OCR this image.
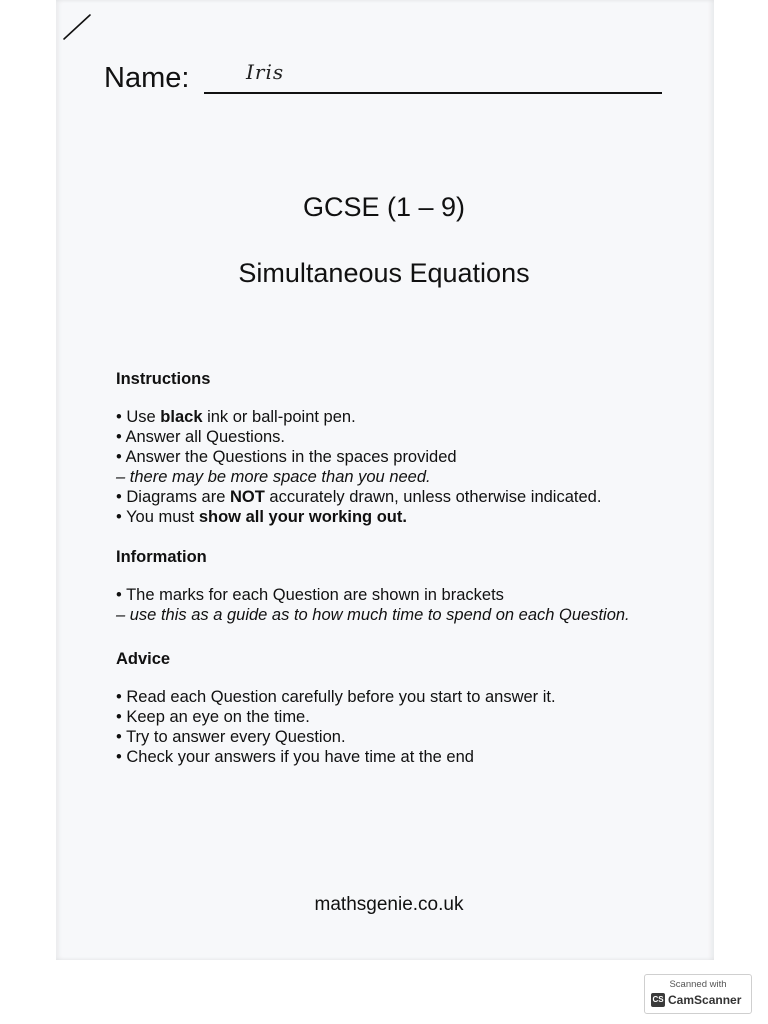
Name:	Iris
GCSE (1 – 9)
Simultaneous Equations
Instructions
• Use black ink or ball-point pen.
• Answer all Questions.
• Answer the Questions in the spaces provided
– there may be more space than you need.
• Diagrams are NOT accurately drawn, unless otherwise indicated.
• You must show all your working out.
Information
• The marks for each Question are shown in brackets
– use this as a guide as to how much time to spend on each Question.
Advice
• Read each Question carefully before you start to answer it.
• Keep an eye on the time.
• Try to answer every Question.
• Check your answers if you have time at the end
mathsgenie.co.uk
Scanned with
CS CamScanner
